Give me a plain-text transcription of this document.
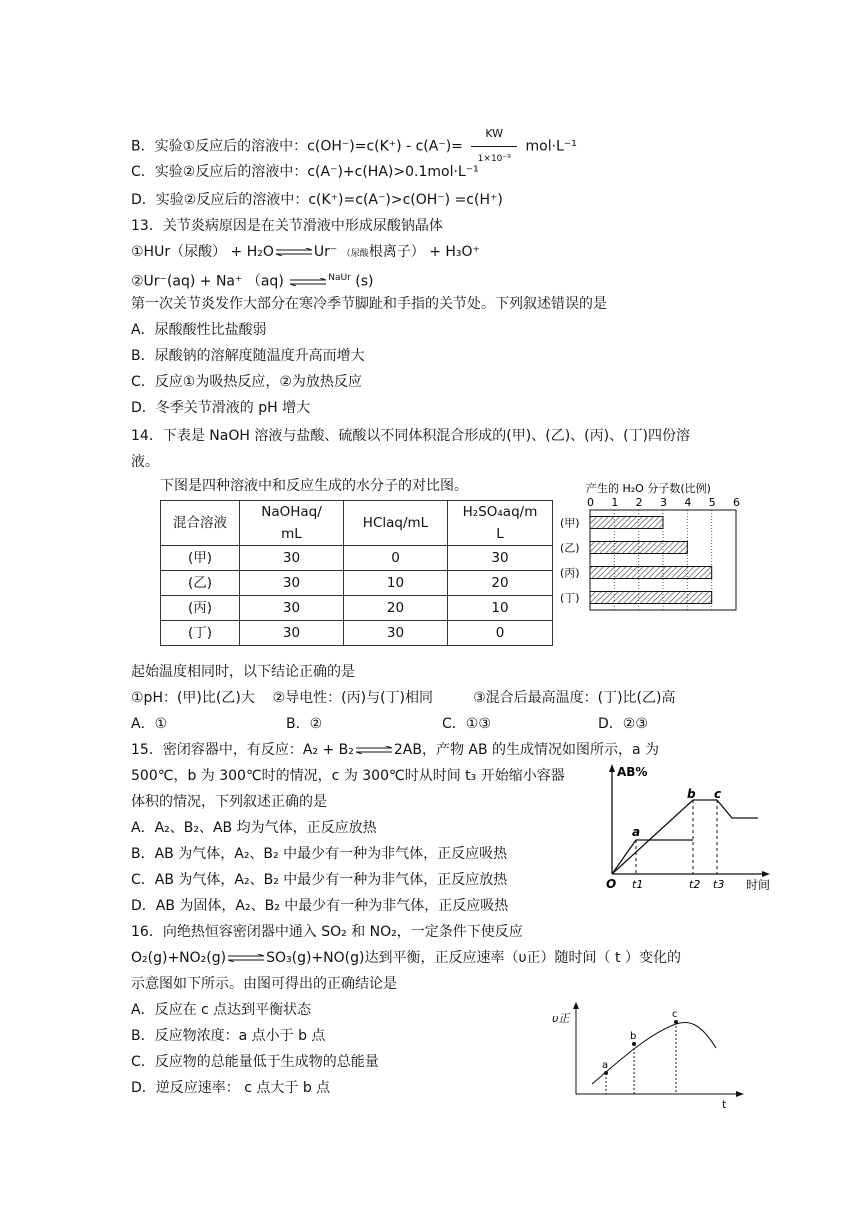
B．实验①反应后的溶液中：$c(OH^-)=c(K^+) - c(A^-)= \frac{KW}{\text{1×10⁻⁹}} mol\cdot L^{-1}$
C．实验②反应后的溶液中：c(A⁻)+c(HA)>0.1mol·L⁻¹
D．实验②反应后的溶液中：c(K⁺)=c(A⁻)>c(OH⁻) =c(H⁺)
13．关节炎病原因是在关节滑液中形成尿酸钠晶体
①HUr（尿酸） + H₂O ⇌ Ur⁻ （尿酸根离子） + H₃O⁺
②Ur⁻(aq) + Na⁺ （aq) ⇌ $^{NaUr}$ (s)
第一次关节炎发作大部分在寒冷季节脚趾和手指的关节处。下列叙述错误的是
A．尿酸酸性比盐酸弱
B．尿酸钠的溶解度随温度升高而增大
C．反应①为吸热反应，②为放热反应
D．冬季关节滑液的 pH 增大
14．下表是 NaOH 溶液与盐酸、硫酸以不同体积混合形成的(甲)、(乙)、(丙)、(丁)四份溶
液。
下图是四种溶液中和反应生成的水分子的对比图。
混合溶液	NaOHaq/
mL	HClaq/mL	H₂SO₄aq/m
L
(甲)	30	0	30
(乙)	30	10	20
(丙)	30	20	10
(丁)	30	30	0
产生的 H₂O 分子数(比例)
0 1 2 3 4 5 6
(甲)
(乙)
(丙)
(丁)
起始温度相同时，以下结论正确的是
①pH：(甲)比(乙)大    ②导电性：(丙)与(丁)相同         ③混合后最高温度：(丁)比(乙)高
A．①	B．②	C．①③	D．②③
15．密闭容器中，有反应：A₂ + B₂ ⇌ 2AB，产物 AB 的生成情况如图所示，a 为
500℃，b 为 300℃时的情况，c 为 300℃时从时间 t₃ 开始缩小容器
体积的情况，下列叙述正确的是
A．A₂、B₂、AB 均为气体，正反应放热
B．AB 为气体，A₂、B₂ 中最少有一种为非气体，正反应吸热
C．AB 为气体，A₂、B₂ 中最少有一种为非气体，正反应放热
D．AB 为固体，A₂、B₂ 中最少有一种为非气体，正反应吸热
AB%
O	时间
a
b c
t1	t2 t3
16．向绝热恒容密闭器中通入 SO₂ 和 NO₂，一定条件下使反应
O₂(g)+NO₂(g) ⇌ SO₃(g)+NO(g)达到平衡，正反应速率（υ正）随时间（ t ）变化的
示意图如下所示。由图可得出的正确结论是
A．反应在 c 点达到平衡状态
B．反应物浓度：a 点小于 b 点
C．反应物的总能量低于生成物的总能量
D．逆反应速率： c 点大于 b 点
υ正
t
a
b
c
